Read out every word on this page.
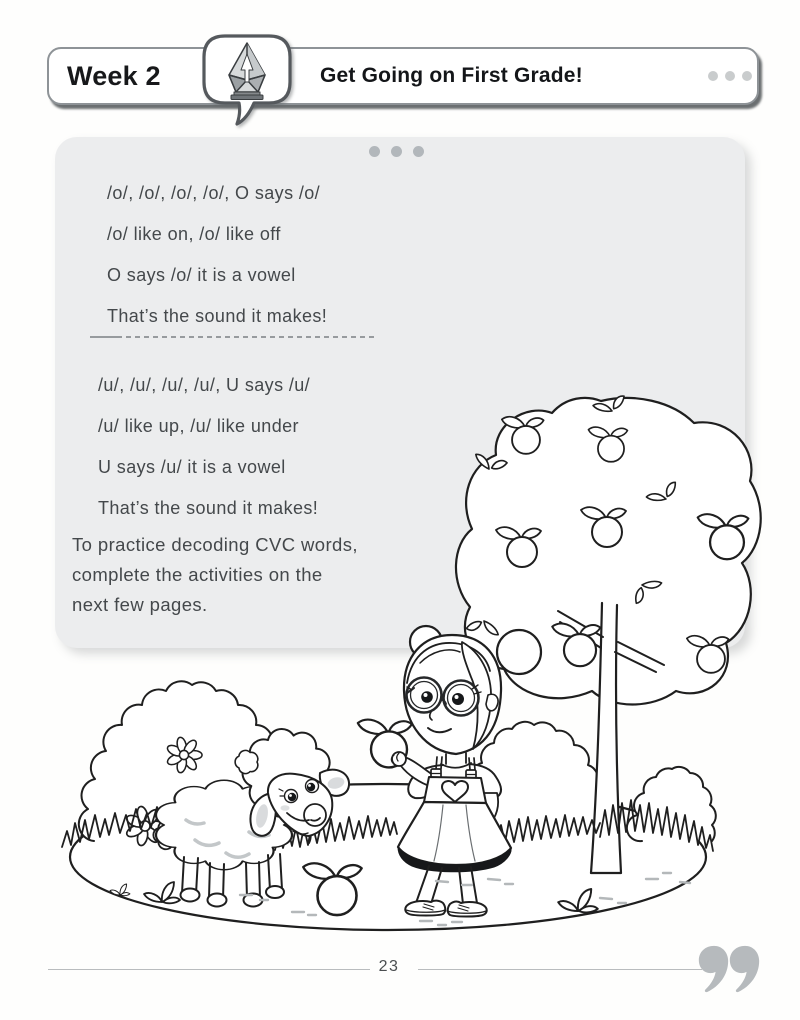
Week 2	Get Going on First Grade!
/o/, /o/, /o/, /o/, O says /o/
/o/ like on, /o/ like off
O says /o/ it is a vowel
That’s the sound it makes!
/u/, /u/, /u/, /u/, U says /u/
/u/ like up, /u/ like under
U says /u/ it is a vowel
That’s the sound it makes!
To practice decoding CVC words,
complete the activities on the
next few pages.
23
